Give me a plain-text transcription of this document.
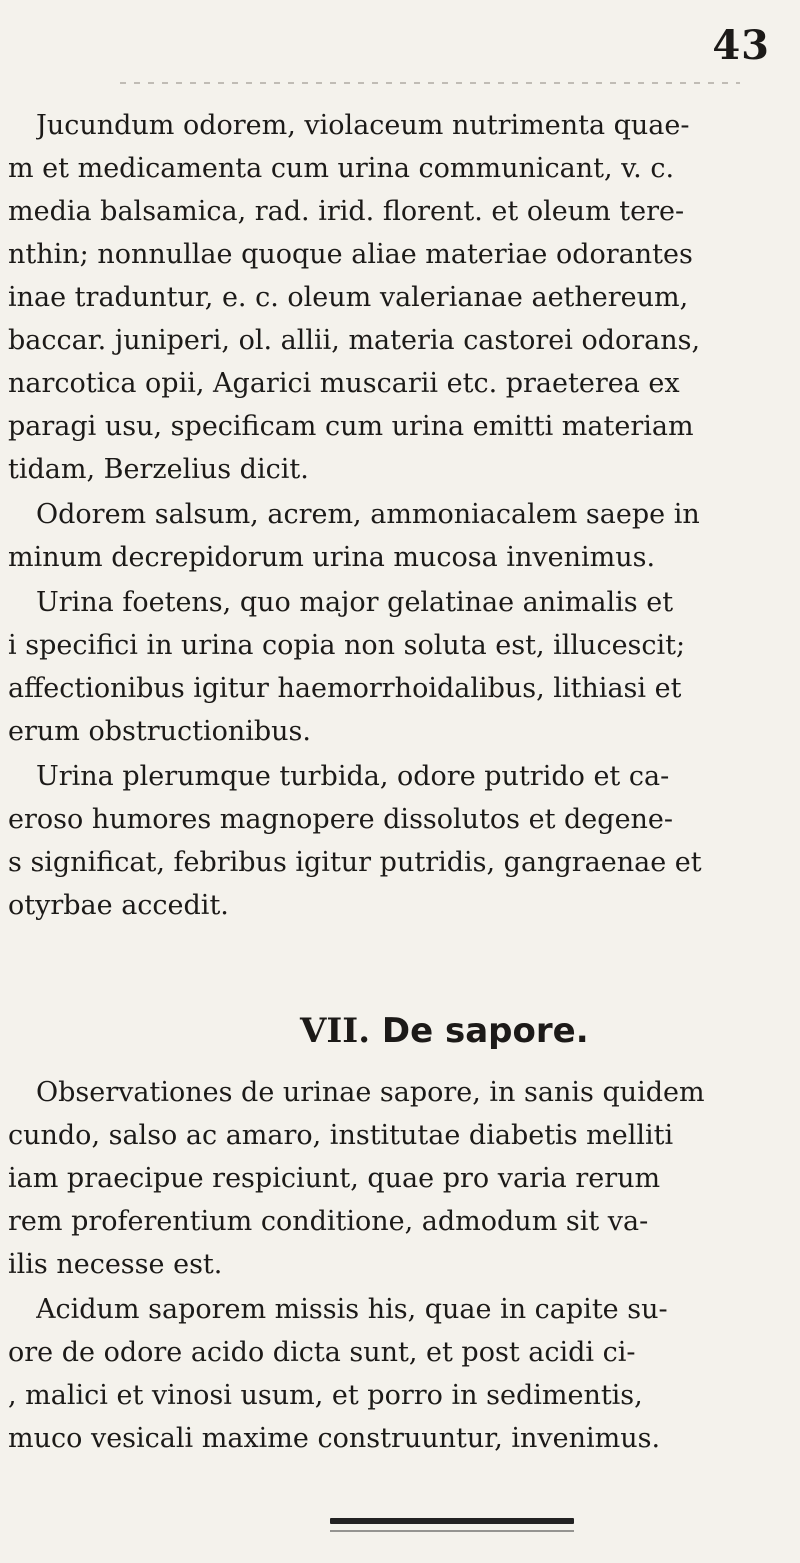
43
Jucundum odorem, violaceum nutrimenta quae-
m et medicamenta cum urina communicant, v. c.
media balsamica, rad. irid. florent. et oleum tere-
nthin; nonnullae quoque aliae materiae odorantes
inae traduntur, e. c. oleum valerianae aethereum,
baccar. juniperi, ol. allii, materia castorei odorans,
narcotica opii, Agarici muscarii etc. praeterea ex
paragi usu, specificam cum urina emitti materiam
tidam, Berzelius dicit.
Odorem salsum, acrem, ammoniacalem saepe in
minum decrepidorum urina mucosa invenimus.
Urina foetens, quo major gelatinae animalis et
i specifici in urina copia non soluta est, illucescit;
affectionibus igitur haemorrhoidalibus, lithiasi et
erum obstructionibus.
Urina plerumque turbida, odore putrido et ca-
eroso humores magnopere dissolutos et degene-
s significat, febribus igitur putridis, gangraenae et
otyrbae accedit.
VII. De sapore.
Observationes de urinae sapore, in sanis quidem
cundo, salso ac amaro, institutae diabetis melliti
iam praecipue respiciunt, quae pro varia rerum
rem proferentium conditione, admodum sit va-
ilis necesse est.
Acidum saporem missis his, quae in capite su-
ore de odore acido dicta sunt, et post acidi ci-
, malici et vinosi usum, et porro in sedimentis,
muco vesicali maxime construuntur, invenimus.
